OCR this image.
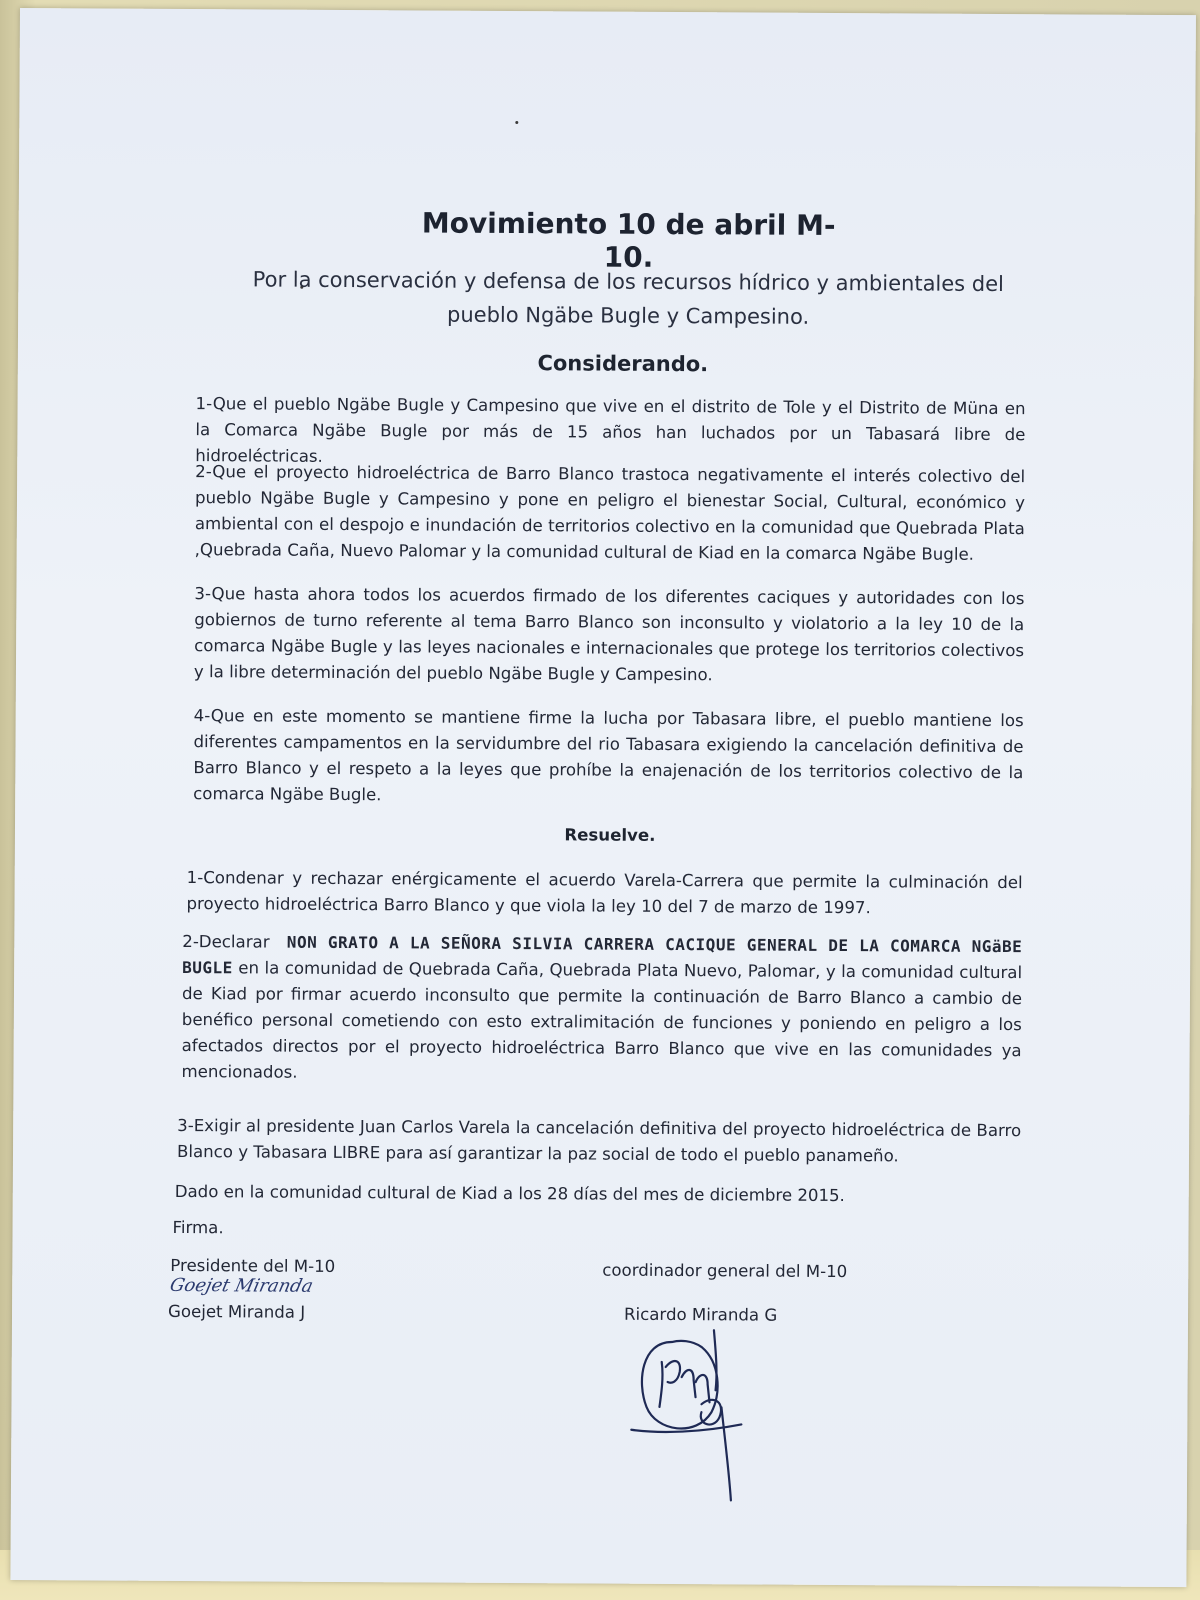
Movimiento 10 de abril M-10.
Por la conservación y defensa de los recursos hídrico y ambientales del
pueblo Ngäbe Bugle y Campesino.
Considerando.
1-Que el pueblo Ngäbe Bugle y Campesino que vive en el distrito de Tole y el Distrito de Müna en la Comarca Ngäbe Bugle por más de 15 años han luchados por un Tabasará libre de hidroeléctricas.
2-Que el proyecto hidroeléctrica de Barro Blanco trastoca negativamente el interés colectivo del pueblo Ngäbe Bugle y Campesino y pone en peligro el bienestar Social, Cultural, económico y ambiental con el despojo e inundación de territorios colectivo en la comunidad que Quebrada Plata ,Quebrada Caña, Nuevo Palomar y la comunidad cultural de Kiad en la comarca Ngäbe Bugle.
3-Que hasta ahora todos los acuerdos firmado de los diferentes caciques y autoridades con los gobiernos de turno referente al tema Barro Blanco son inconsulto y violatorio a la ley 10 de la comarca Ngäbe Bugle y las leyes nacionales e internacionales que protege los territorios colectivos y la libre determinación del pueblo Ngäbe Bugle y Campesino.
4-Que en este momento se mantiene firme la lucha por Tabasara libre, el pueblo mantiene los diferentes campamentos en la servidumbre del rio Tabasara exigiendo la cancelación definitiva de Barro Blanco y el respeto a la leyes que prohíbe la enajenación de los territorios colectivo de la comarca Ngäbe Bugle.
Resuelve.
1-Condenar y rechazar enérgicamente el acuerdo Varela-Carrera que permite la culminación del proyecto hidroeléctrica Barro Blanco y que viola la ley 10 del 7 de marzo de 1997.
2-Declarar NON GRATO A LA SEÑORA SILVIA CARRERA CACIQUE GENERAL DE LA COMARCA NGäBE BUGLE en la comunidad de Quebrada Caña, Quebrada Plata Nuevo, Palomar, y la comunidad cultural de Kiad por firmar acuerdo inconsulto que permite la continuación de Barro Blanco a cambio de benéfico personal cometiendo con esto extralimitación de funciones y poniendo en peligro a los afectados directos por el proyecto hidroeléctrica Barro Blanco que vive en las comunidades ya mencionados.
3-Exigir al presidente Juan Carlos Varela la cancelación definitiva del proyecto hidroeléctrica de Barro Blanco y Tabasara LIBRE para así garantizar la paz social de todo el pueblo panameño.
Dado en la comunidad cultural de Kiad a los 28 días del mes de diciembre 2015.
Firma.
Presidente del M-10
Goejet Miranda
Goejet Miranda J
coordinador general del M-10
Ricardo Miranda G
